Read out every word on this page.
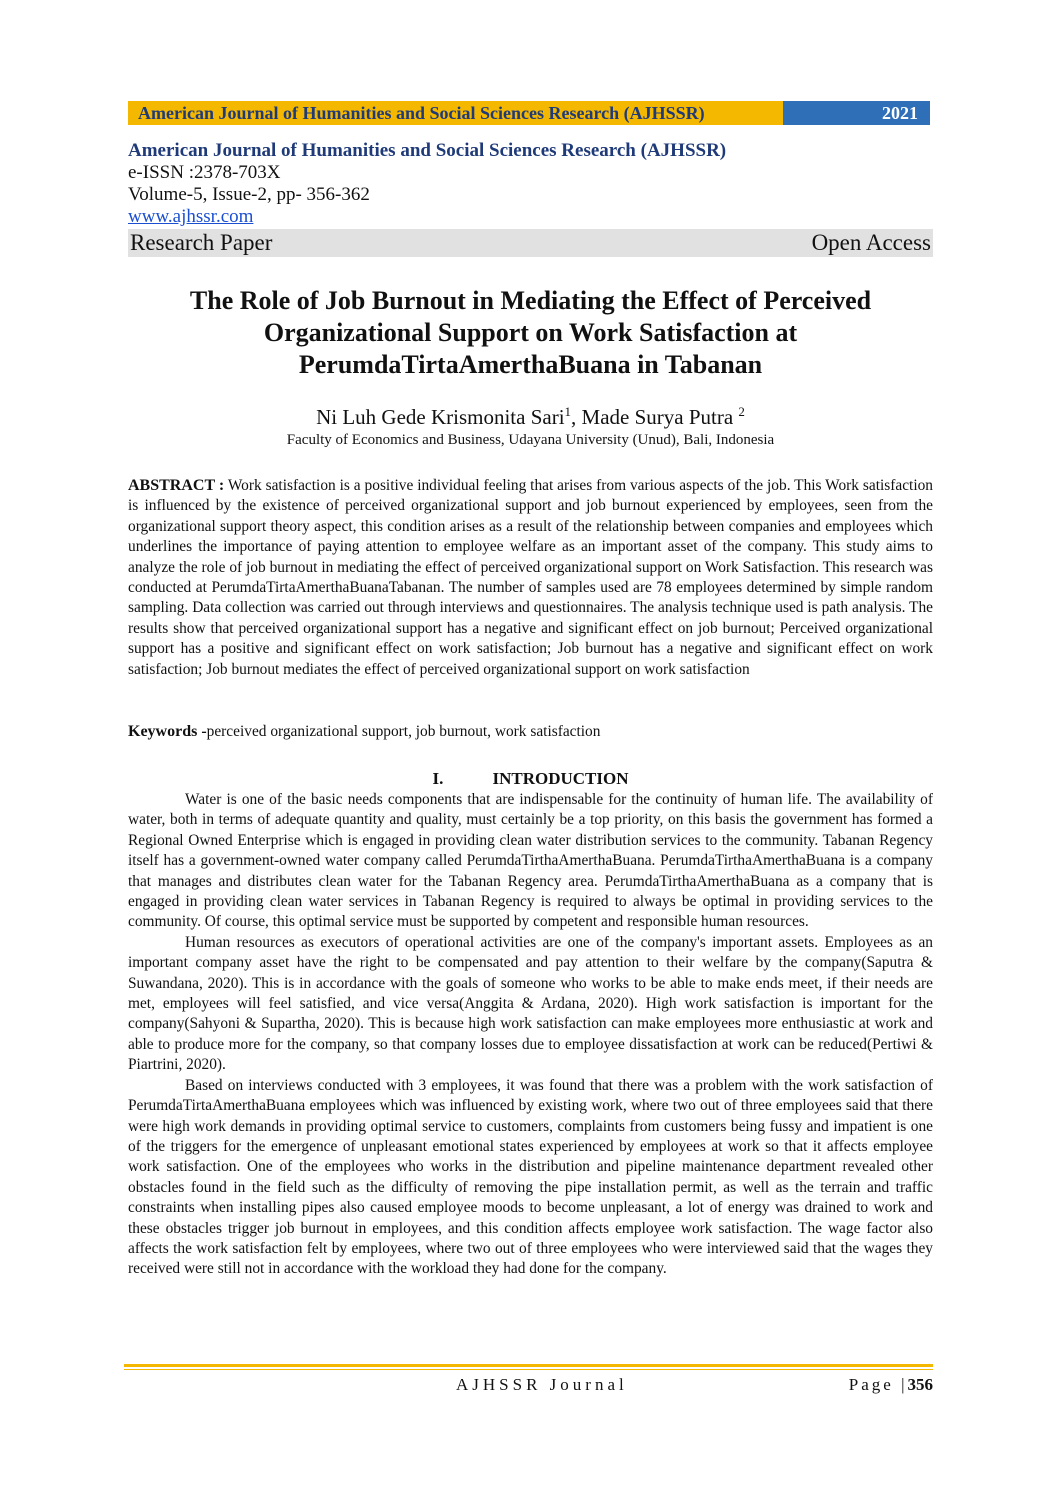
American Journal of Humanities and Social Sciences Research (AJHSSR)	2021
American Journal of Humanities and Social Sciences Research (AJHSSR)
e-ISSN :2378-703X
Volume-5, Issue-2, pp- 356-362
www.ajhssr.com
Research Paper	Open Access
The Role of Job Burnout in Mediating the Effect of Perceived
Organizational Support on Work Satisfaction at
PerumdaTirtaAmerthaBuana in Tabanan
Ni Luh Gede Krismonita Sari$^1$, Made Surya Putra $^2$
Faculty of Economics and Business, Udayana University (Unud), Bali, Indonesia
ABSTRACT : Work satisfaction is a positive individual feeling that arises from various aspects of the job. This Work satisfaction is influenced by the existence of perceived organizational support and job burnout experienced by employees, seen from the organizational support theory aspect, this condition arises as a result of the relationship between companies and employees which underlines the importance of paying attention to employee welfare as an important asset of the company. This study aims to analyze the role of job burnout in mediating the effect of perceived organizational support on Work Satisfaction. This research was conducted at PerumdaTirtaAmerthaBuanaTabanan. The number of samples used are 78 employees determined by simple random sampling. Data collection was carried out through interviews and questionnaires. The analysis technique used is path analysis. The results show that perceived organizational support has a negative and significant effect on job burnout; Perceived organizational support has a positive and significant effect on work satisfaction; Job burnout has a negative and significant effect on work satisfaction; Job burnout mediates the effect of perceived organizational support on work satisfaction
Keywords -perceived organizational support, job burnout, work satisfaction
I.	INTRODUCTION

Water is one of the basic needs components that are indispensable for the continuity of human life. The availability of water, both in terms of adequate quantity and quality, must certainly be a top priority, on this basis the government has formed a Regional Owned Enterprise which is engaged in providing clean water distribution services to the community. Tabanan Regency itself has a government-owned water company called PerumdaTirthaAmerthaBuana. PerumdaTirthaAmerthaBuana is a company that manages and distributes clean water for the Tabanan Regency area. PerumdaTirthaAmerthaBuana as a company that is engaged in providing clean water services in Tabanan Regency is required to always be optimal in providing services to the community. Of course, this optimal service must be supported by competent and responsible human resources.

Human resources as executors of operational activities are one of the company's important assets. Employees as an important company asset have the right to be compensated and pay attention to their welfare by the company(Saputra & Suwandana, 2020). This is in accordance with the goals of someone who works to be able to make ends meet, if their needs are met, employees will feel satisfied, and vice versa(Anggita & Ardana, 2020). High work satisfaction is important for the company(Sahyoni & Supartha, 2020). This is because high work satisfaction can make employees more enthusiastic at work and able to produce more for the company, so that company losses due to employee dissatisfaction at work can be reduced(Pertiwi & Piartrini, 2020).

Based on interviews conducted with 3 employees, it was found that there was a problem with the work satisfaction of PerumdaTirtaAmerthaBuana employees which was influenced by existing work, where two out of three employees said that there were high work demands in providing optimal service to customers, complaints from customers being fussy and impatient is one of the triggers for the emergence of unpleasant emotional states experienced by employees at work so that it affects employee work satisfaction. One of the employees who works in the distribution and pipeline maintenance department revealed other obstacles found in the field such as the difficulty of removing the pipe installation permit, as well as the terrain and traffic constraints when installing pipes also caused employee moods to become unpleasant, a lot of energy was drained to work and these obstacles trigger job burnout in employees, and this condition affects employee work satisfaction. The wage factor also affects the work satisfaction felt by employees, where two out of three employees who were interviewed said that the wages they received were still not in accordance with the workload they had done for the company.

AJHSSR Journal	Page |356
